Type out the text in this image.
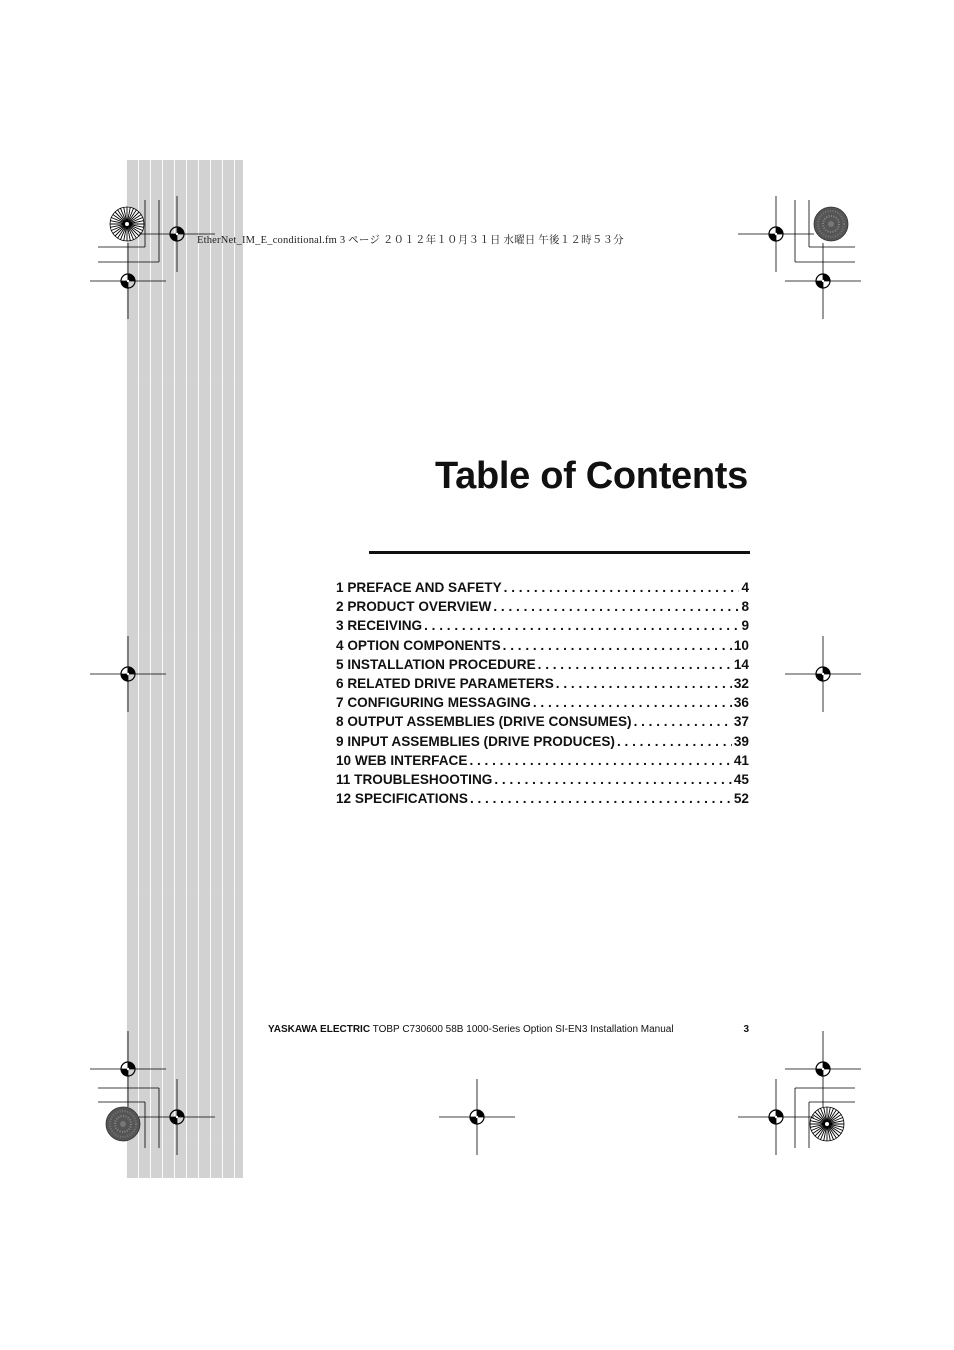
EtherNet_IM_E_conditional.fm 3 ページ ２０１２年１０月３１日 水曜日 午後１２時５３分
Table of Contents
1 PREFACE AND SAFETY . . .	4
2 PRODUCT OVERVIEW . . .	8
3 RECEIVING . . .	9
4 OPTION COMPONENTS . . .	10
5 INSTALLATION PROCEDURE . . .	14
6 RELATED DRIVE PARAMETERS . . .	32
7 CONFIGURING MESSAGING . . .	36
8 OUTPUT ASSEMBLIES (DRIVE CONSUMES) . . .	37
9 INPUT ASSEMBLIES (DRIVE PRODUCES) . . .	39
10 WEB INTERFACE . . .	41
11 TROUBLESHOOTING . . .	45
12 SPECIFICATIONS . . .	52
YASKAWA ELECTRIC TOBP C730600 58B 1000-Series Option SI-EN3 Installation Manual	3
